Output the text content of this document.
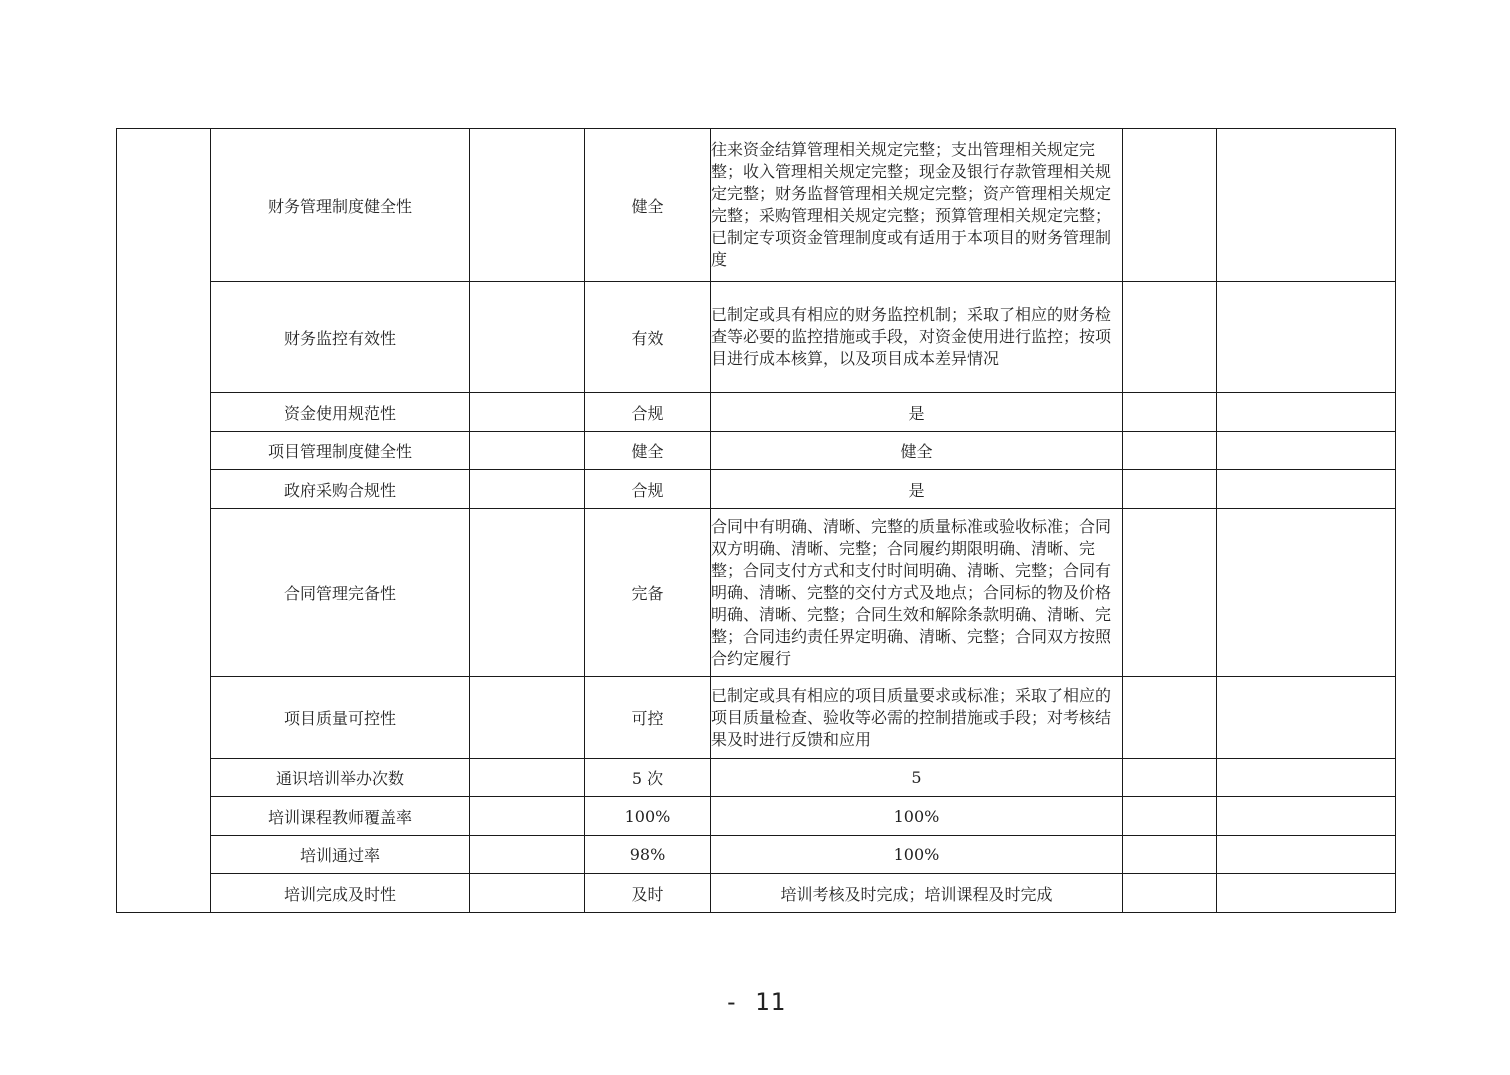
	财务管理制度健全性		健全	往来资金结算管理相关规定完整；支出管理相关规定完整；收入管理相关规定完整；现金及银行存款管理相关规定完整；财务监督管理相关规定完整；资产管理相关规定完整；采购管理相关规定完整；预算管理相关规定完整；已制定专项资金管理制度或有适用于本项目的财务管理制度		
	财务监控有效性		有效	已制定或具有相应的财务监控机制；采取了相应的财务检查等必要的监控措施或手段，对资金使用进行监控；按项目进行成本核算，以及项目成本差异情况		
	资金使用规范性		合规	是		
	项目管理制度健全性		健全	健全		
	政府采购合规性		合规	是		
	合同管理完备性		完备	合同中有明确、清晰、完整的质量标准或验收标准；合同双方明确、清晰、完整；合同履约期限明确、清晰、完整；合同支付方式和支付时间明确、清晰、完整；合同有明确、清晰、完整的交付方式及地点；合同标的物及价格明确、清晰、完整；合同生效和解除条款明确、清晰、完整；合同违约责任界定明确、清晰、完整；合同双方按照合约定履行		
	项目质量可控性		可控	已制定或具有相应的项目质量要求或标准；采取了相应的项目质量检查、验收等必需的控制措施或手段；对考核结果及时进行反馈和应用		
	通识培训举办次数		5 次	5		
	培训课程教师覆盖率		100%	100%		
	培训通过率		98%	100%		
	培训完成及时性		及时	培训考核及时完成；培训课程及时完成		
- 11
